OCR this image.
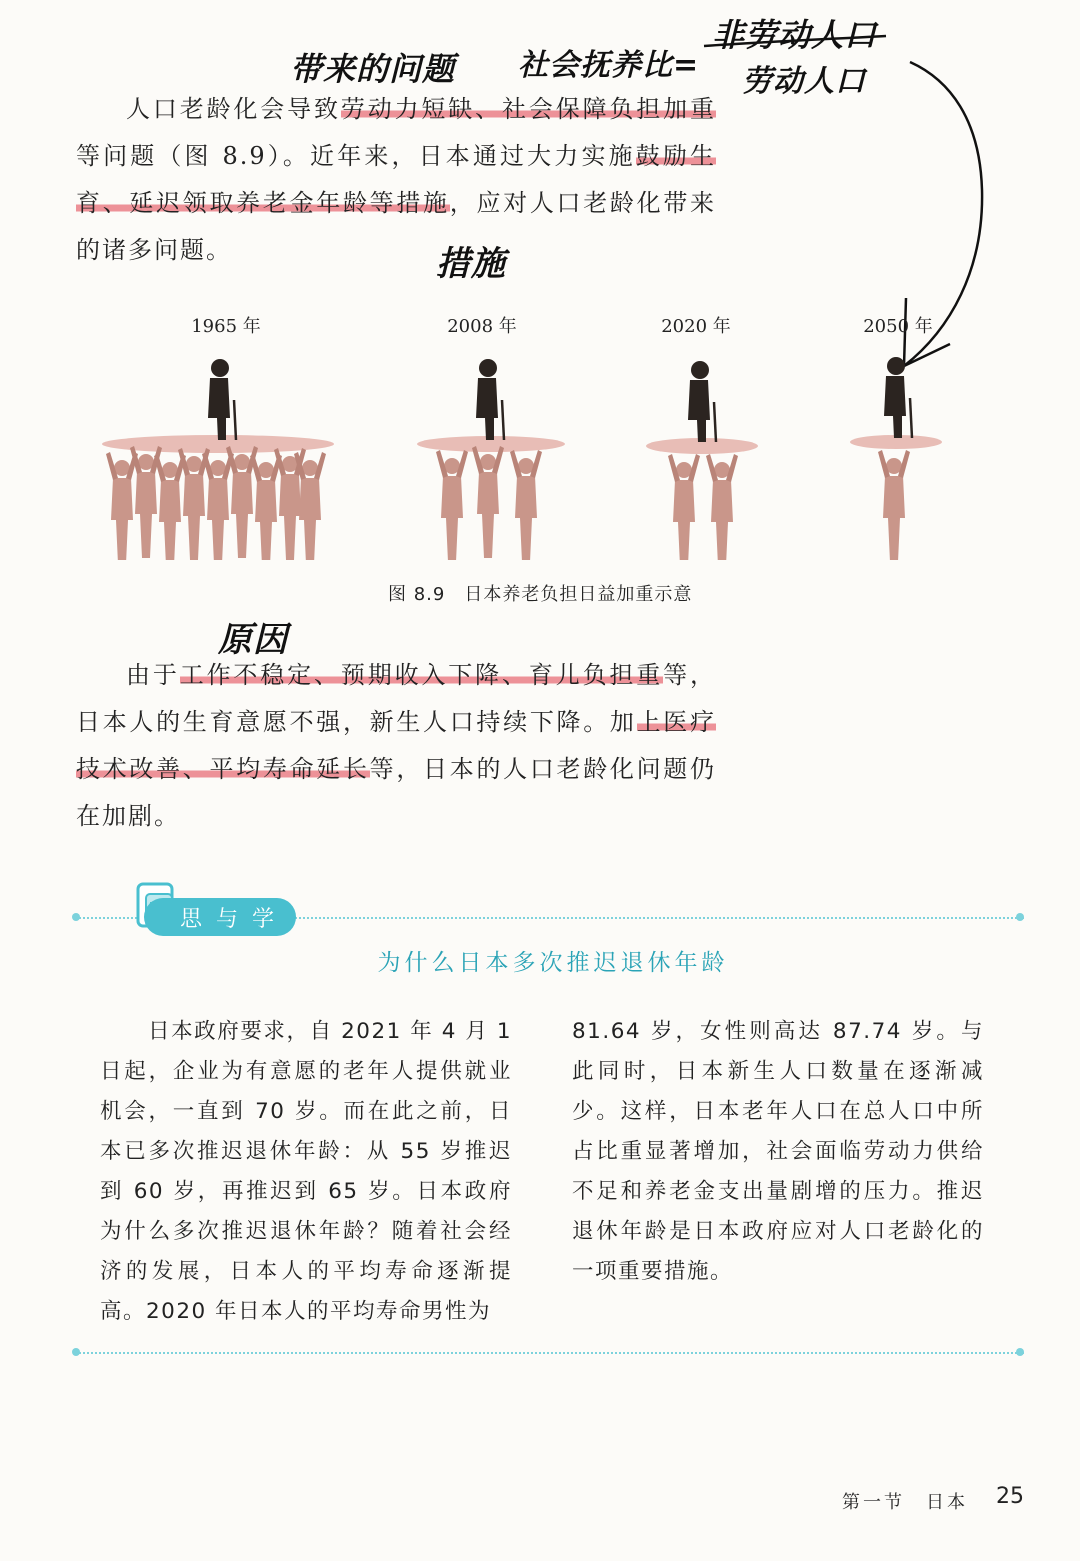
带来的问题 社会抚养比=
非劳动人口
劳动人口
措施
原因

人口老龄化会导致劳动力短缺、社会保障负担加重等问题（图 8.9）。近年来，日本通过大力实施鼓励生育、延迟领取养老金年龄等措施，应对人口老龄化带来的诸多问题。

1965 年	2008 年	2020 年	2050 年
图 8.9　日本养老负担日益加重示意

由于工作不稳定、预期收入下降、育儿负担重等，日本人的生育意愿不强，新生人口持续下降。加上医疗技术改善、平均寿命延长等，日本的人口老龄化问题仍在加剧。

思与学
为什么日本多次推迟退休年龄

日本政府要求，自 2021 年 4 月 1 日起，企业为有意愿的老年人提供就业机会，一直到 70 岁。而在此之前，日本已多次推迟退休年龄：从 55 岁推迟到 60 岁，再推迟到 65 岁。日本政府为什么多次推迟退休年龄？随着社会经济的发展，日本人的平均寿命逐渐提高。2020 年日本人的平均寿命男性为

81.64 岁，女性则高达 87.74 岁。与此同时，日本新生人口数量在逐渐减少。这样，日本老年人口在总人口中所占比重显著增加，社会面临劳动力供给不足和养老金支出量剧增的压力。推迟退休年龄是日本政府应对人口老龄化的一项重要措施。

第一节　日本 25
